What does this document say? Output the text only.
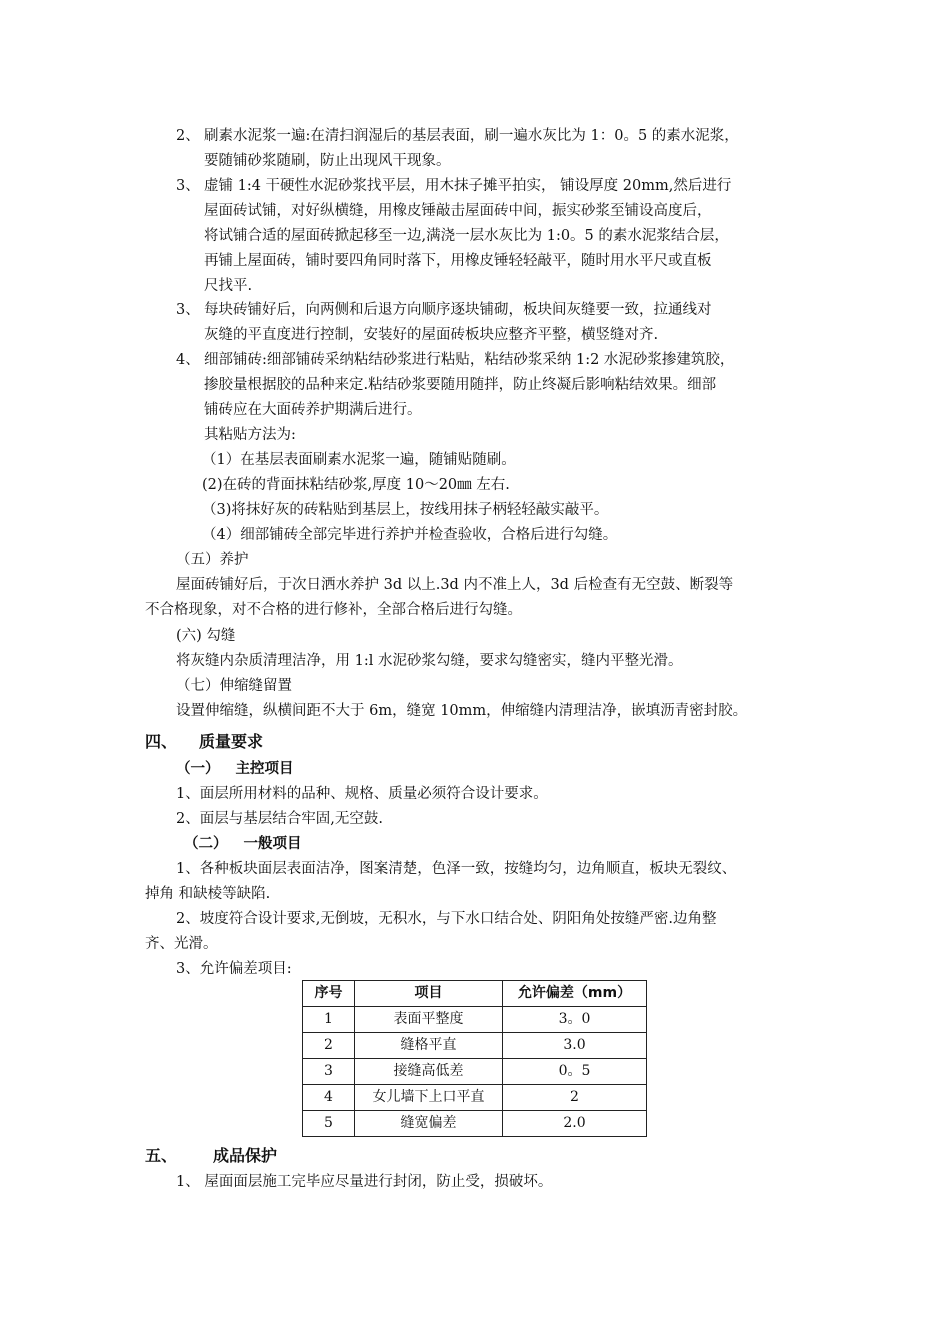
2、 刷素水泥浆一遍:在清扫润湿后的基层表面，刷一遍水灰比为 1：0。5 的素水泥浆，
要随铺砂浆随刷，防止出现风干现象。
3、 虚铺 1:4 干硬性水泥砂浆找平层，用木抹子摊平拍实， 铺设厚度 20mm,然后进行
屋面砖试铺，对好纵横缝，用橡皮锤敲击屋面砖中间，振实砂浆至铺设高度后，
将试铺合适的屋面砖掀起移至一边,满浇一层水灰比为 1:0。5 的素水泥浆结合层，
再铺上屋面砖，铺时要四角同时落下，用橡皮锤轻轻敲平，随时用水平尺或直板
尺找平.
3、 每块砖铺好后，向两侧和后退方向顺序逐块铺砌，板块间灰缝要一致，拉通线对
灰缝的平直度进行控制，安装好的屋面砖板块应整齐平整，横竖缝对齐.
4、 细部铺砖:细部铺砖采纳粘结砂浆进行粘贴，粘结砂浆采纳 1:2 水泥砂浆掺建筑胶，
掺胶量根据胶的品种来定.粘结砂浆要随用随拌，防止终凝后影响粘结效果。细部
铺砖应在大面砖养护期满后进行。
其粘贴方法为:
（1）在基层表面刷素水泥浆一遍，随铺贴随刷。
(2)在砖的背面抹粘结砂浆,厚度 10～20㎜ 左右.
（3)将抹好灰的砖粘贴到基层上，按线用抹子柄轻轻敲实敲平。
（4）细部铺砖全部完毕进行养护并检查验收，合格后进行勾缝。
（五）养护
屋面砖铺好后，于次日洒水养护 3d 以上.3d 内不准上人，3d 后检查有无空鼓、断裂等
不合格现象，对不合格的进行修补，全部合格后进行勾缝。
(六) 勾缝
将灰缝内杂质清理洁净，用 1:l 水泥砂浆勾缝，要求勾缝密实，缝内平整光滑。
（七）伸缩缝留置
设置伸缩缝，纵横间距不大于 6m，缝宽 10mm，伸缩缝内清理洁净，嵌填沥青密封胶。
四、 质量要求
（一） 主控项目
1、面层所用材料的品种、规格、质量必须符合设计要求。
2、面层与基层结合牢固,无空鼓.
（二） 一般项目
1、各种板块面层表面洁净，图案清楚，色泽一致，按缝均匀，边角顺直，板块无裂纹、
掉角 和缺棱等缺陷.
2、坡度符合设计要求,无倒坡，无积水，与下水口结合处、阴阳角处按缝严密.边角整
齐、光滑。
3、允许偏差项目:
序号	项目	允许偏差（mm）
1	表面平整度	3。0
2	缝格平直	3.0
3	接缝高低差	0。5
4	女儿墙下上口平直	2
5	缝宽偏差	2.0
五、 成品保护
1、 屋面面层施工完毕应尽量进行封闭，防止受，损破坏。
